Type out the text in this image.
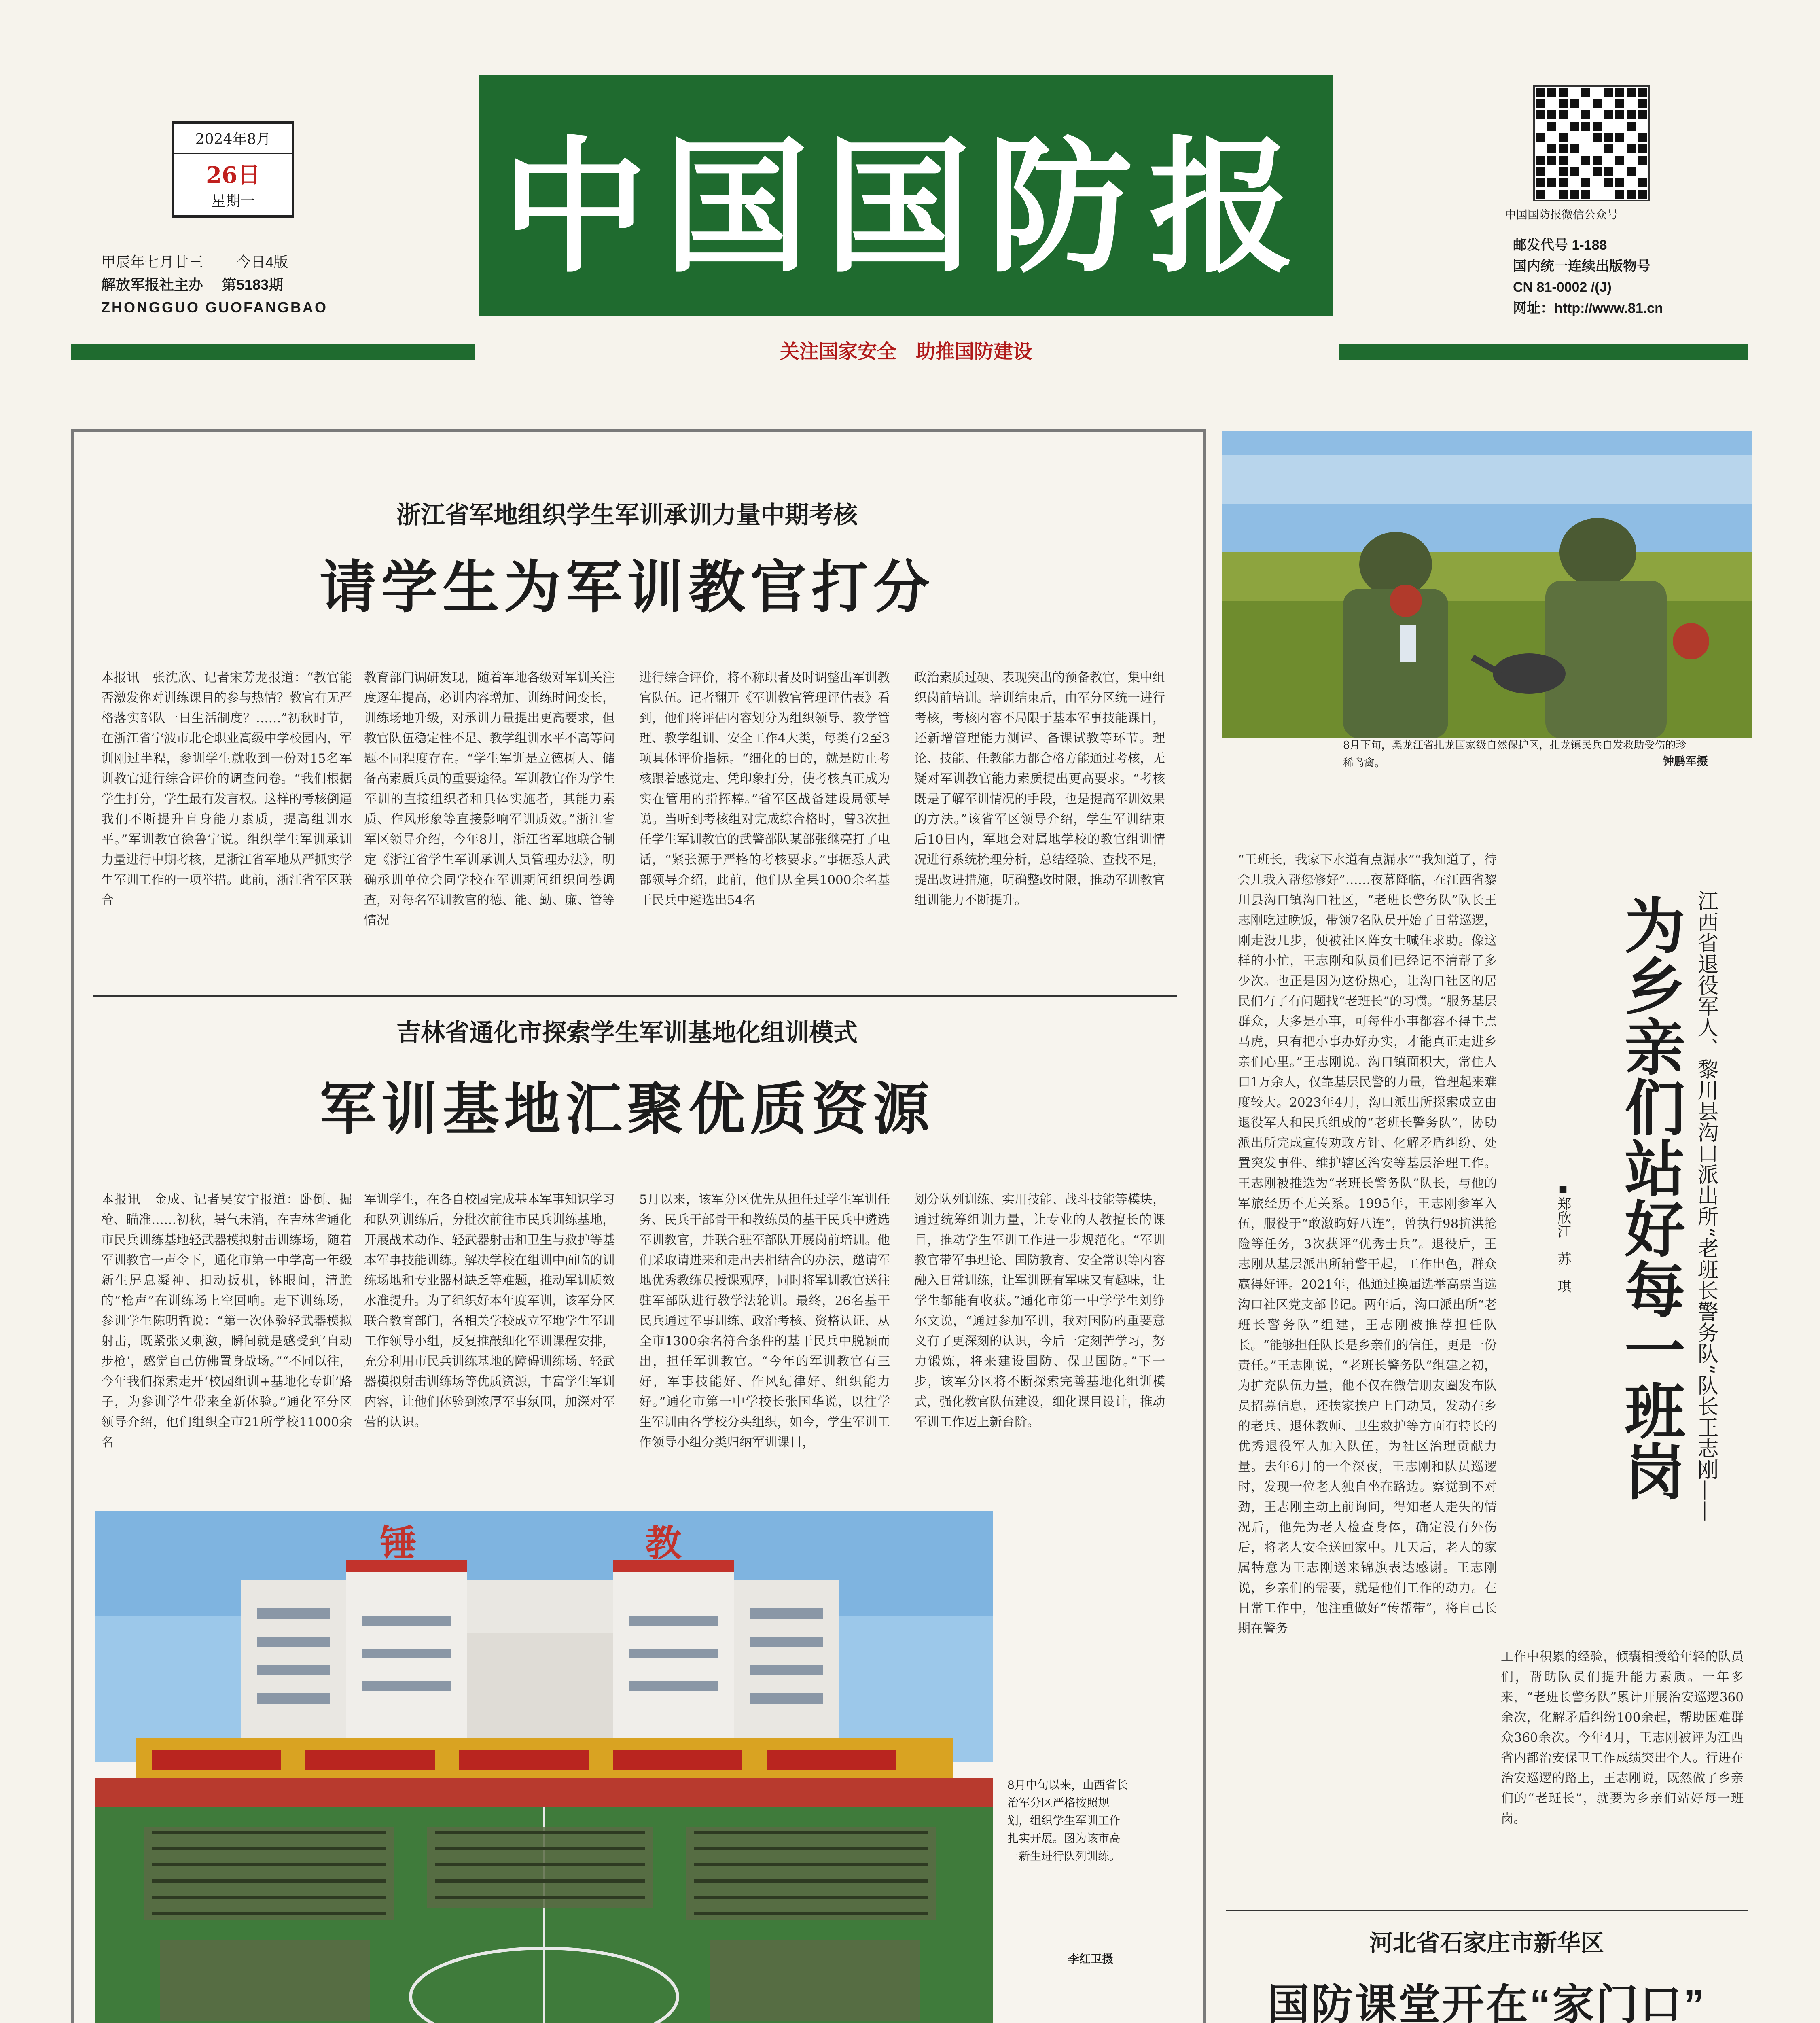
2024年8月
26日
星期一
甲辰年七月廿三　　 今日4版
解放军报社主办　 第5183期
ZHONGGUO GUOFANGBAO
中国国防报
关注国家安全　助推国防建设
中国国防报微信公众号
邮发代号 1-188
国内统一连续出版物号
CN 81-0002 /(J)
网址：http://www.81.cn
浙江省军地组织学生军训承训力量中期考核
请学生为军训教官打分
本报讯　张沈欣、记者宋芳龙报道：“教官能否激发你对训练课目的参与热情？教官有无严格落实部队一日生活制度？……”初秋时节，在浙江省宁波市北仑职业高级中学校园内，军训刚过半程，参训学生就收到一份对15名军训教官进行综合评价的调查问卷。“我们根据学生打分，学生最有发言权。这样的考核倒逼我们不断提升自身能力素质，提高组训水平。”军训教官徐鲁宁说。组织学生军训承训力量进行中期考核，是浙江省军地从严抓实学生军训工作的一项举措。此前，浙江省军区联合
教育部门调研发现，随着军地各级对军训关注度逐年提高，必训内容增加、训练时间变长，训练场地升级，对承训力量提出更高要求，但教官队伍稳定性不足、教学组训水平不高等问题不同程度存在。“学生军训是立德树人、储备高素质兵员的重要途径。军训教官作为学生军训的直接组织者和具体实施者，其能力素质、作风形象等直接影响军训质效。”浙江省军区领导介绍，今年8月，浙江省军地联合制定《浙江省学生军训承训人员管理办法》，明确承训单位会同学校在军训期间组织问卷调查，对每名军训教官的德、能、勤、廉、管等情况
进行综合评价，将不称职者及时调整出军训教官队伍。记者翻开《军训教官管理评估表》看到，他们将评估内容划分为组织领导、教学管理、教学组训、安全工作4大类，每类有2至3项具体评价指标。“细化的目的，就是防止考核跟着感觉走、凭印象打分，使考核真正成为实在管用的指挥棒。”省军区战备建设局领导说。当听到考核组对完成综合格时，曾3次担任学生军训教官的武警部队某部张继亮打了电话，“紧张源于严格的考核要求。”事据悉人武部领导介绍，此前，他们从全县1000余名基干民兵中遴选出54名
政治素质过硬、表现突出的预备教官，集中组织岗前培训。培训结束后，由军分区统一进行考核，考核内容不局限于基本军事技能课目，还新增管理能力测评、备课试教等环节。理论、技能、任教能力都合格方能通过考核，无疑对军训教官能力素质提出更高要求。“考核既是了解军训情况的手段，也是提高军训效果的方法。”该省军区领导介绍，学生军训结束后10日内，军地会对属地学校的教官组训情况进行系统梳理分析，总结经验、查找不足，提出改进措施，明确整改时限，推动军训教官组训能力不断提升。
吉林省通化市探索学生军训基地化组训模式
军训基地汇聚优质资源
本报讯　金成、记者吴安宁报道：卧倒、掘枪、瞄准……初秋，暑气未消，在吉林省通化市民兵训练基地轻武器模拟射击训练场，随着军训教官一声令下，通化市第一中学高一年级新生屏息凝神、扣动扳机，钵眼间，清脆的“枪声”在训练场上空回响。走下训练场，参训学生陈明哲说：“第一次体验轻武器模拟射击，既紧张又刺激，瞬间就是感受到‘自动步枪’，感觉自己仿佛置身战场。”“不同以往，今年我们探索走开‘校园组训+基地化专训’路子，为参训学生带来全新体验。”通化军分区领导介绍，他们组织全市21所学校11000余名
军训学生，在各自校园完成基本军事知识学习和队列训练后，分批次前往市民兵训练基地，开展战术动作、轻武器射击和卫生与救护等基本军事技能训练。解决学校在组训中面临的训练场地和专业器材缺乏等难题，推动军训质效水准提升。为了组织好本年度军训，该军分区联合教育部门，各相关学校成立军地学生军训工作领导小组，反复推敲细化军训课程安排，充分利用市民兵训练基地的障碍训练场、轻武器模拟射击训练场等优质资源，丰富学生军训内容，让他们体验到浓厚军事氛围，加深对军营的认识。
5月以来，该军分区优先从担任过学生军训任务、民兵干部骨干和教练员的基干民兵中遴选军训教官，并联合驻军部队开展岗前培训。他们采取请进来和走出去相结合的办法，邀请军地优秀教练员授课观摩，同时将军训教官送往驻军部队进行教学法轮训。最终，26名基干民兵通过军事训练、政治考核、资格认证，从全市1300余名符合条件的基干民兵中脱颖而出，担任军训教官。“今年的军训教官有三好，军事技能好、作风纪律好、组织能力好。”通化市第一中学校长张国华说，以往学生军训由各学校分头组织，如今，学生军训工作领导小组分类归纳军训课目，
划分队列训练、实用技能、战斗技能等模块，通过统筹组训力量，让专业的人教擅长的课目，推动学生军训工作进一步规范化。“军训教官带军事理论、国防教育、安全常识等内容融入日常训练，让军训既有军味又有趣味，让学生都能有收获。”通化市第一中学学生刘铮尔文说，“通过参加军训，我对国防的重要意义有了更深刻的认识，今后一定刻苦学习，努力锻炼，将来建设国防、保卫国防。”下一步，该军分区将不断探索完善基地化组训模式，强化教官队伍建设，细化课目设计，推动军训工作迈上新台阶。
锤	教
8月中旬以来，山西省长治军分区严格按照规划，组织学生军训工作扎实开展。图为该市高一新生进行队列训练。
李红卫摄
8月下旬，黑龙江省扎龙国家级自然保护区，扎龙镇民兵自发救助受伤的珍稀鸟禽。	钟鹏军摄
为乡亲们站好每一班岗 江西省退役军人、黎川县沟口派出所“老班长警务队”队长王志刚——
■郑欣江　苏　琪
“王班长，我家下水道有点漏水”“我知道了，待会儿我入帮您修好”……夜幕降临，在江西省黎川县沟口镇沟口社区，“老班长警务队”队长王志刚吃过晚饭，带领7名队员开始了日常巡逻，刚走没几步，便被社区阵女士喊住求助。像这样的小忙，王志刚和队员们已经记不清帮了多少次。也正是因为这份热心，让沟口社区的居民们有了有问题找“老班长”的习惯。“服务基层群众，大多是小事，可每件小事都容不得丰点马虎，只有把小事办好办实，才能真正走进乡亲们心里。”王志刚说。沟口镇面积大，常住人口1万余人，仅靠基层民警的力量，管理起来难度较大。2023年4月，沟口派出所探索成立由退役军人和民兵组成的“老班长警务队”，协助派出所完成宣传劝政方针、化解矛盾纠纷、处置突发事件、维护辖区治安等基层治理工作。王志刚被推选为“老班长警务队”队长，与他的军旅经历不无关系。1995年，王志刚参军入伍，服役于“敢激昀好八连”，曾执行98抗洪抢险等任务，3次获评“优秀士兵”。退役后，王志刚从基层派出所辅警干起，工作出色，群众赢得好评。2021年，他通过换届选举高票当选沟口社区党支部书记。两年后，沟口派出所“老班长警务队”组建，王志刚被推荐担任队长。“能够担任队长是乡亲们的信任，更是一份责任。”王志刚说，“老班长警务队”组建之初，为扩充队伍力量，他不仅在微信朋友圈发布队员招募信息，还挨家挨户上门动员，发动在乡的老兵、退休教师、卫生救护等方面有特长的优秀退役军人加入队伍，为社区治理贡献力量。去年6月的一个深夜，王志刚和队员巡逻时，发现一位老人独自坐在路边。察觉到不对劲，王志刚主动上前询问，得知老人走失的情况后，他先为老人检查身体，确定没有外伤后，将老人安全送回家中。几天后，老人的家属特意为王志刚送来锦旗表达感谢。王志刚说，乡亲们的需要，就是他们工作的动力。在日常工作中，他注重做好“传帮带”，将自己长期在警务
工作中积累的经验，倾囊相授给年轻的队员们，帮助队员们提升能力素质。一年多来，“老班长警务队”累计开展治安巡逻360余次，化解矛盾纠纷100余起，帮助困难群众360余次。今年4月，王志刚被评为江西省内都治安保卫工作成绩突出个人。行进在治安巡逻的路上，王志刚说，既然做了乡亲们的“老班长”，就要为乡亲们站好每一班岗。
河北省石家庄市新华区
国防课堂开在“家门口”
